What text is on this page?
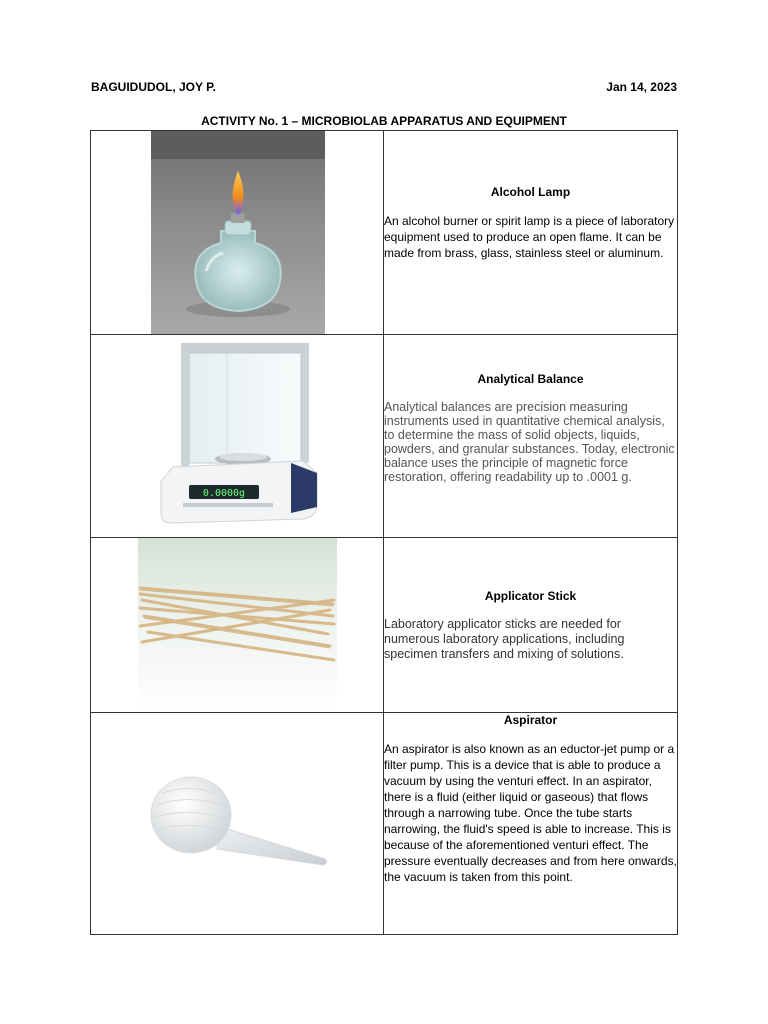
BAGUIDUDOL, JOY P.	Jan 14, 2023
ACTIVITY No. 1 – MICROBIOLAB APPARATUS AND EQUIPMENT

Alcohol Lamp
An alcohol burner or spirit lamp is a piece of laboratory equipment used to produce an open flame. It can be made from brass, glass, stainless steel or aluminum.

0.0000g	Analytical Balance
Analytical balances are precision measuring instruments used in quantitative chemical analysis, to determine the mass of solid objects, liquids, powders, and granular substances. Today, electronic balance uses the principle of magnetic force restoration, offering readability up to .0001 g.

Applicator Stick
Laboratory applicator sticks are needed for numerous laboratory applications, including specimen transfers and mixing of solutions.

Aspirator
An aspirator is also known as an eductor-jet pump or a filter pump. This is a device that is able to produce a vacuum by using the venturi effect. In an aspirator, there is a fluid (either liquid or gaseous) that flows through a narrowing tube. Once the tube starts narrowing, the fluid's speed is able to increase. This is because of the aforementioned venturi effect. The pressure eventually decreases and from here onwards, the vacuum is taken from this point.
